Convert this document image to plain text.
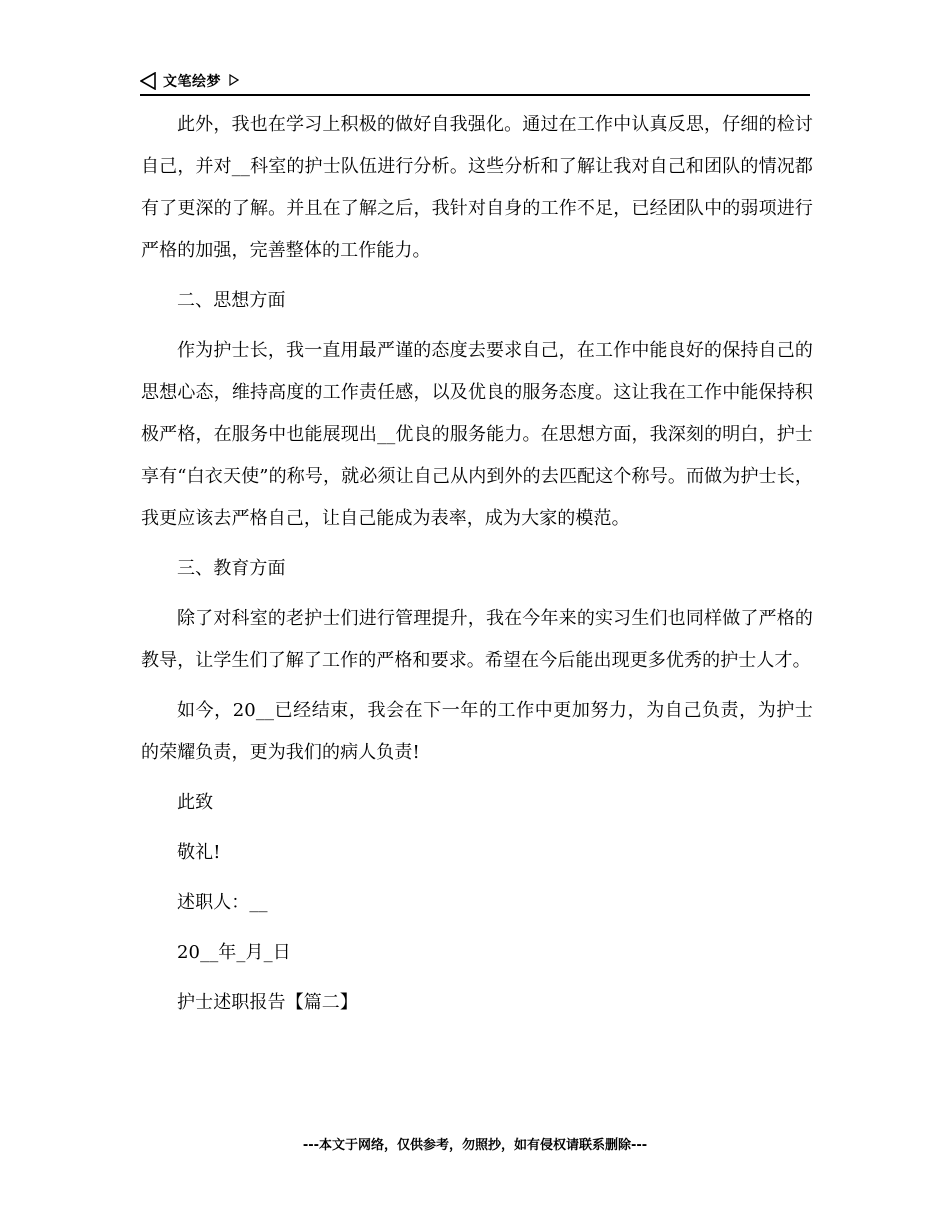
文笔绘梦

此外，我也在学习上积极的做好自我强化。通过在工作中认真反思，仔细的检讨自己，并对__科室的护士队伍进行分析。这些分析和了解让我对自己和团队的情况都有了更深的了解。并且在了解之后，我针对自身的工作不足，已经团队中的弱项进行严格的加强，完善整体的工作能力。

二、思想方面

作为护士长，我一直用最严谨的态度去要求自己，在工作中能良好的保持自己的思想心态，维持高度的工作责任感，以及优良的服务态度。这让我在工作中能保持积极严格，在服务中也能展现出__优良的服务能力。在思想方面，我深刻的明白，护士享有“白衣天使”的称号，就必须让自己从内到外的去匹配这个称号。而做为护士长，我更应该去严格自己，让自己能成为表率，成为大家的模范。

三、教育方面

除了对科室的老护士们进行管理提升，我在今年来的实习生们也同样做了严格的教导，让学生们了解了工作的严格和要求。希望在今后能出现更多优秀的护士人才。

如今，20__已经结束，我会在下一年的工作中更加努力，为自己负责，为护士的荣耀负责，更为我们的病人负责!

此致

敬礼!

述职人：__

20__年_月_日

护士述职报告【篇二】

---本文于网络，仅供参考，勿照抄，如有侵权请联系删除---
